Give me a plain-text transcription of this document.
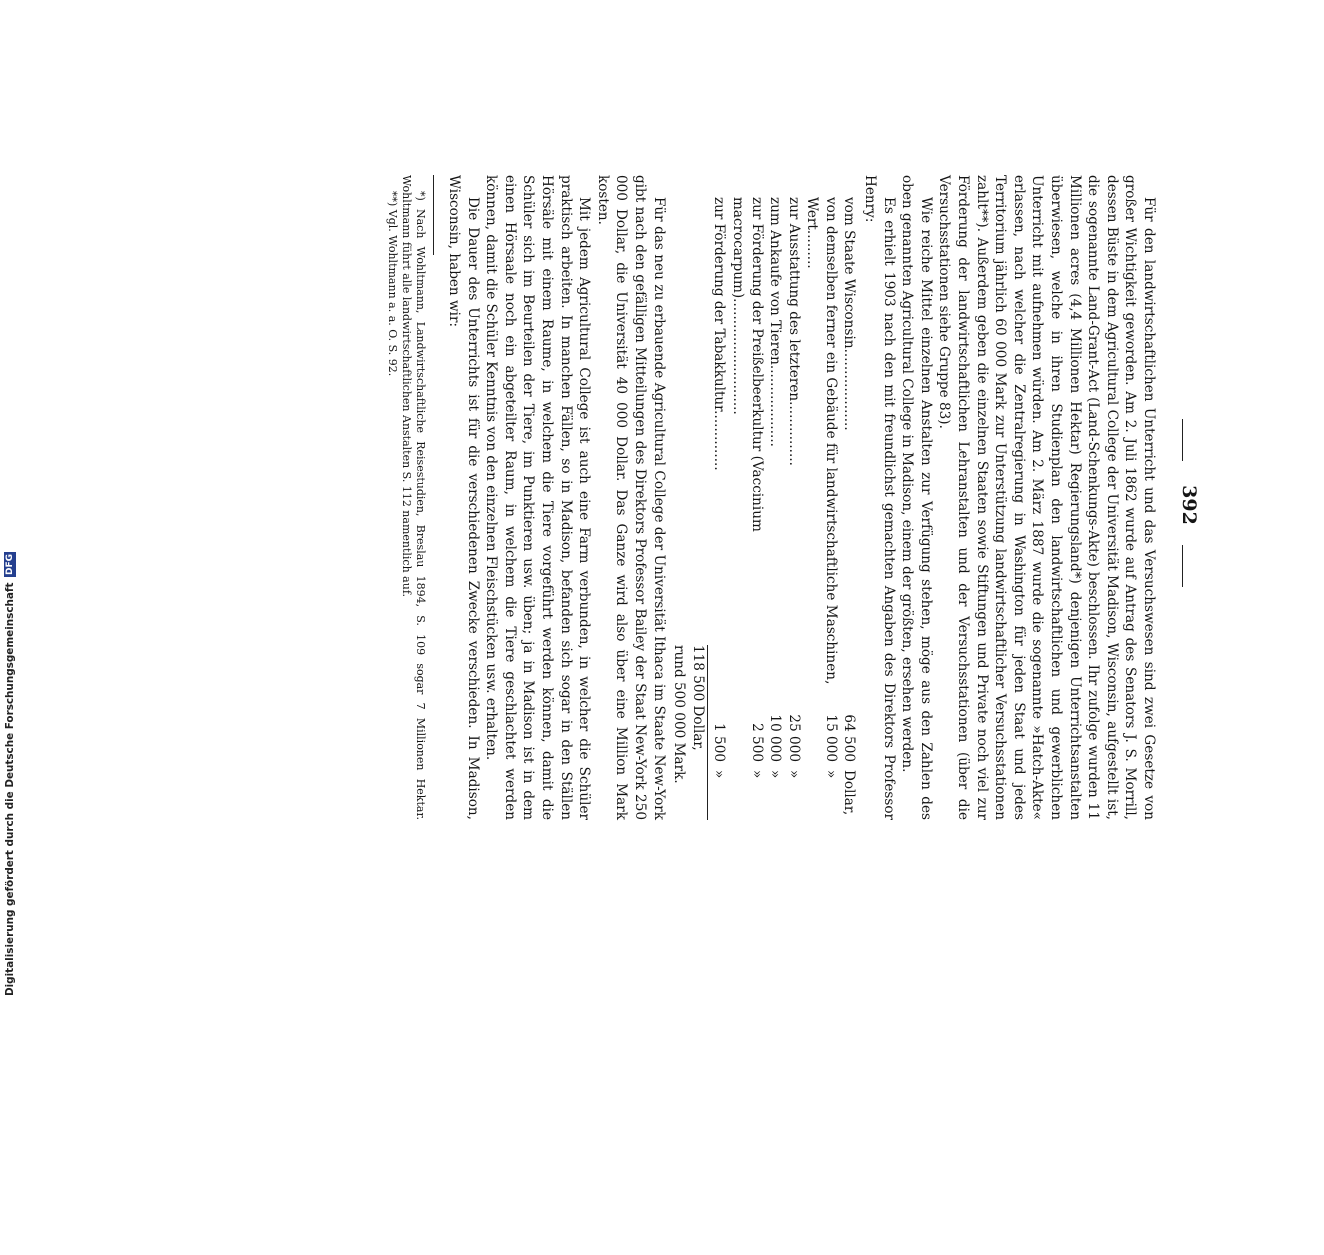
Digitalisierung gefördert durch die Deutsche Forschungsgemeinschaft DFG
392

Für den landwirtschaftlichen Unterricht und das Versuchswesen sind zwei Gesetze von großer Wichtigkeit geworden. Am 2. Juli 1862 wurde auf Antrag des Senators J. S. Morrill, dessen Büste in dem Agricultural College der Universität Madison, Wisconsin, aufgestellt ist, die sogenannte Land-Grant-Act (Land-Schenkungs-Akte) beschlossen. Ihr zufolge wurden 11 Millionen acres (4,4 Millionen Hektar) Regierungsland*) denjenigen Unterrichtsanstalten überwiesen, welche in ihren Studienplan den landwirtschaftlichen und gewerblichen Unterricht mit aufnehmen würden. Am 2. März 1887 wurde die sogenannte »Hatch-Akte« erlassen, nach welcher die Zentralregierung in Washington für jeden Staat und jedes Territorium jährlich 60 000 Mark zur Unterstützung landwirtschaftlicher Versuchsstationen zahlt**). Außerdem geben die einzelnen Staaten sowie Stiftungen und Private noch viel zur Förderung der landwirtschaftlichen Lehranstalten und der Versuchsstationen (über die Versuchsstationen siehe Gruppe 83).

Wie reiche Mittel einzelnen Anstalten zur Verfügung stehen, möge aus den Zahlen des oben genannten Agricultural College in Madison, einem der größten, ersehen werden.

Es erhielt 1903 nach den mit freundlichst gemachten Angaben des Direktors Professor Henry:

vom Staate Wisconsin...................
64 500
Dollar,
von demselben ferner ein Gebäude für landwirtschaftliche Maschinen, Wert.........
15 000
»
zur Ausstattung des letzteren...............
25 000
»
zum Ankaufe von Tieren...................
10 000
»
zur Förderung der Preißelbeerkultur (Vaccinium macrocarpum)...........................
2 500
»
zur Förderung der Tabakkultur..............
1 500
»
118 500 Dollar,
rund 500 000 Mark.

Für das neu zu erbauende Agricultural College der Universität Ithaca im Staate New-York gibt nach den gefälligen Mitteilungen des Direktors Professor Bailey der Staat New-York 250 000 Dollar, die Universität 40 000 Dollar. Das Ganze wird also über eine Million Mark kosten.

Mit jedem Agricultural College ist auch eine Farm verbunden, in welcher die Schüler praktisch arbeiten. In manchen Fällen, so in Madison, befanden sich sogar in den Ställen Hörsäle mit einem Raume, in welchem die Tiere vorgeführt werden können, damit die Schüler sich im Beurteilen der Tiere, im Punktieren usw. üben; ja in Madison ist in dem einen Hörsaale noch ein abgeteilter Raum, in welchem die Tiere geschlachtet werden können, damit die Schüler Kenntnis von den einzelnen Fleischstücken usw. erhalten.

Die Dauer des Unterrichts ist für die verschiedenen Zwecke verschieden. In Madison, Wisconsin, haben wir:

*) Nach Wohltmann, Landwirtschaftliche Reisestudien, Breslau 1894, S. 109 sogar 7 Millionen Hektar. Wohltmann führt alle landwirtschaftlichen Anstalten S. 112 namentlich auf.

**) Vgl. Wohltmann a. a. O. S. 92.
